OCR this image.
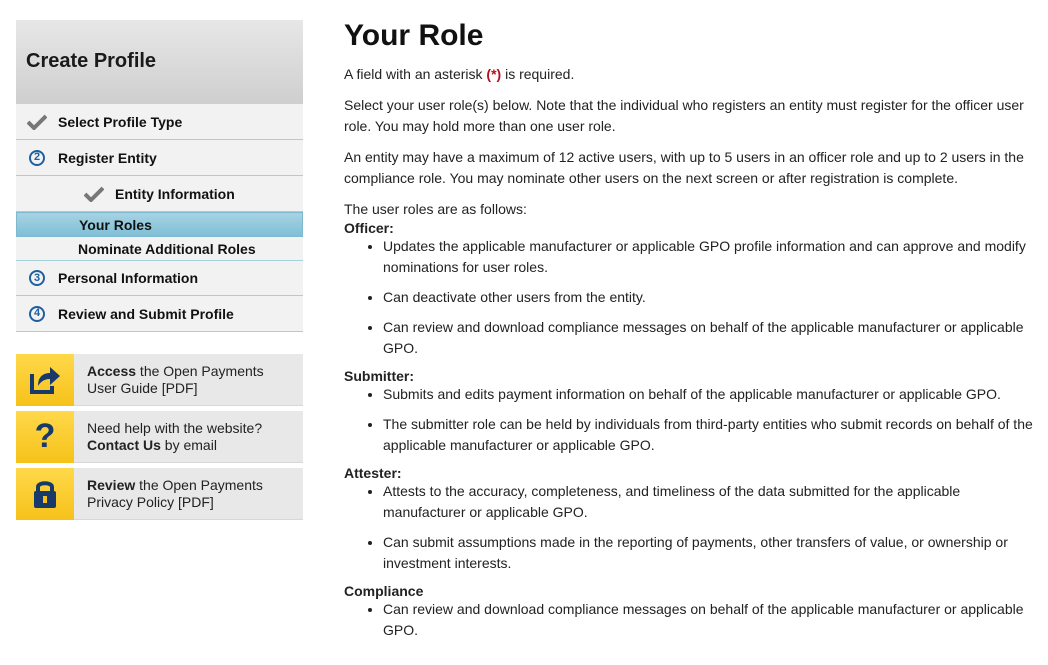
Create Profile
Select Profile Type
2	Register Entity
Entity Information
Your Roles
Nominate Additional Roles
3	Personal Information
4	Review and Submit Profile
Access the Open Payments
User Guide [PDF]
?	Need help with the website?
Contact Us by email
Review the Open Payments
Privacy Policy [PDF]
Your Role

A field with an asterisk (*) is required.

Select your user role(s) below. Note that the individual who registers an entity must register for the officer user role. You may hold more than one user role.

An entity may have a maximum of 12 active users, with up to 5 users in an officer role and up to 2 users in the compliance role. You may nominate other users on the next screen or after registration is complete.

The user roles are as follows:

Officer:
• Updates the applicable manufacturer or applicable GPO profile information and can approve and modify nominations for user roles.
• Can deactivate other users from the entity.
• Can review and download compliance messages on behalf of the applicable manufacturer or applicable GPO.
Submitter:
• Submits and edits payment information on behalf of the applicable manufacturer or applicable GPO.
• The submitter role can be held by individuals from third-party entities who submit records on behalf of the applicable manufacturer or applicable GPO.
Attester:
• Attests to the accuracy, completeness, and timeliness of the data submitted for the applicable manufacturer or applicable GPO.
• Can submit assumptions made in the reporting of payments, other transfers of value, or ownership or investment interests.
Compliance
• Can review and download compliance messages on behalf of the applicable manufacturer or applicable GPO.
